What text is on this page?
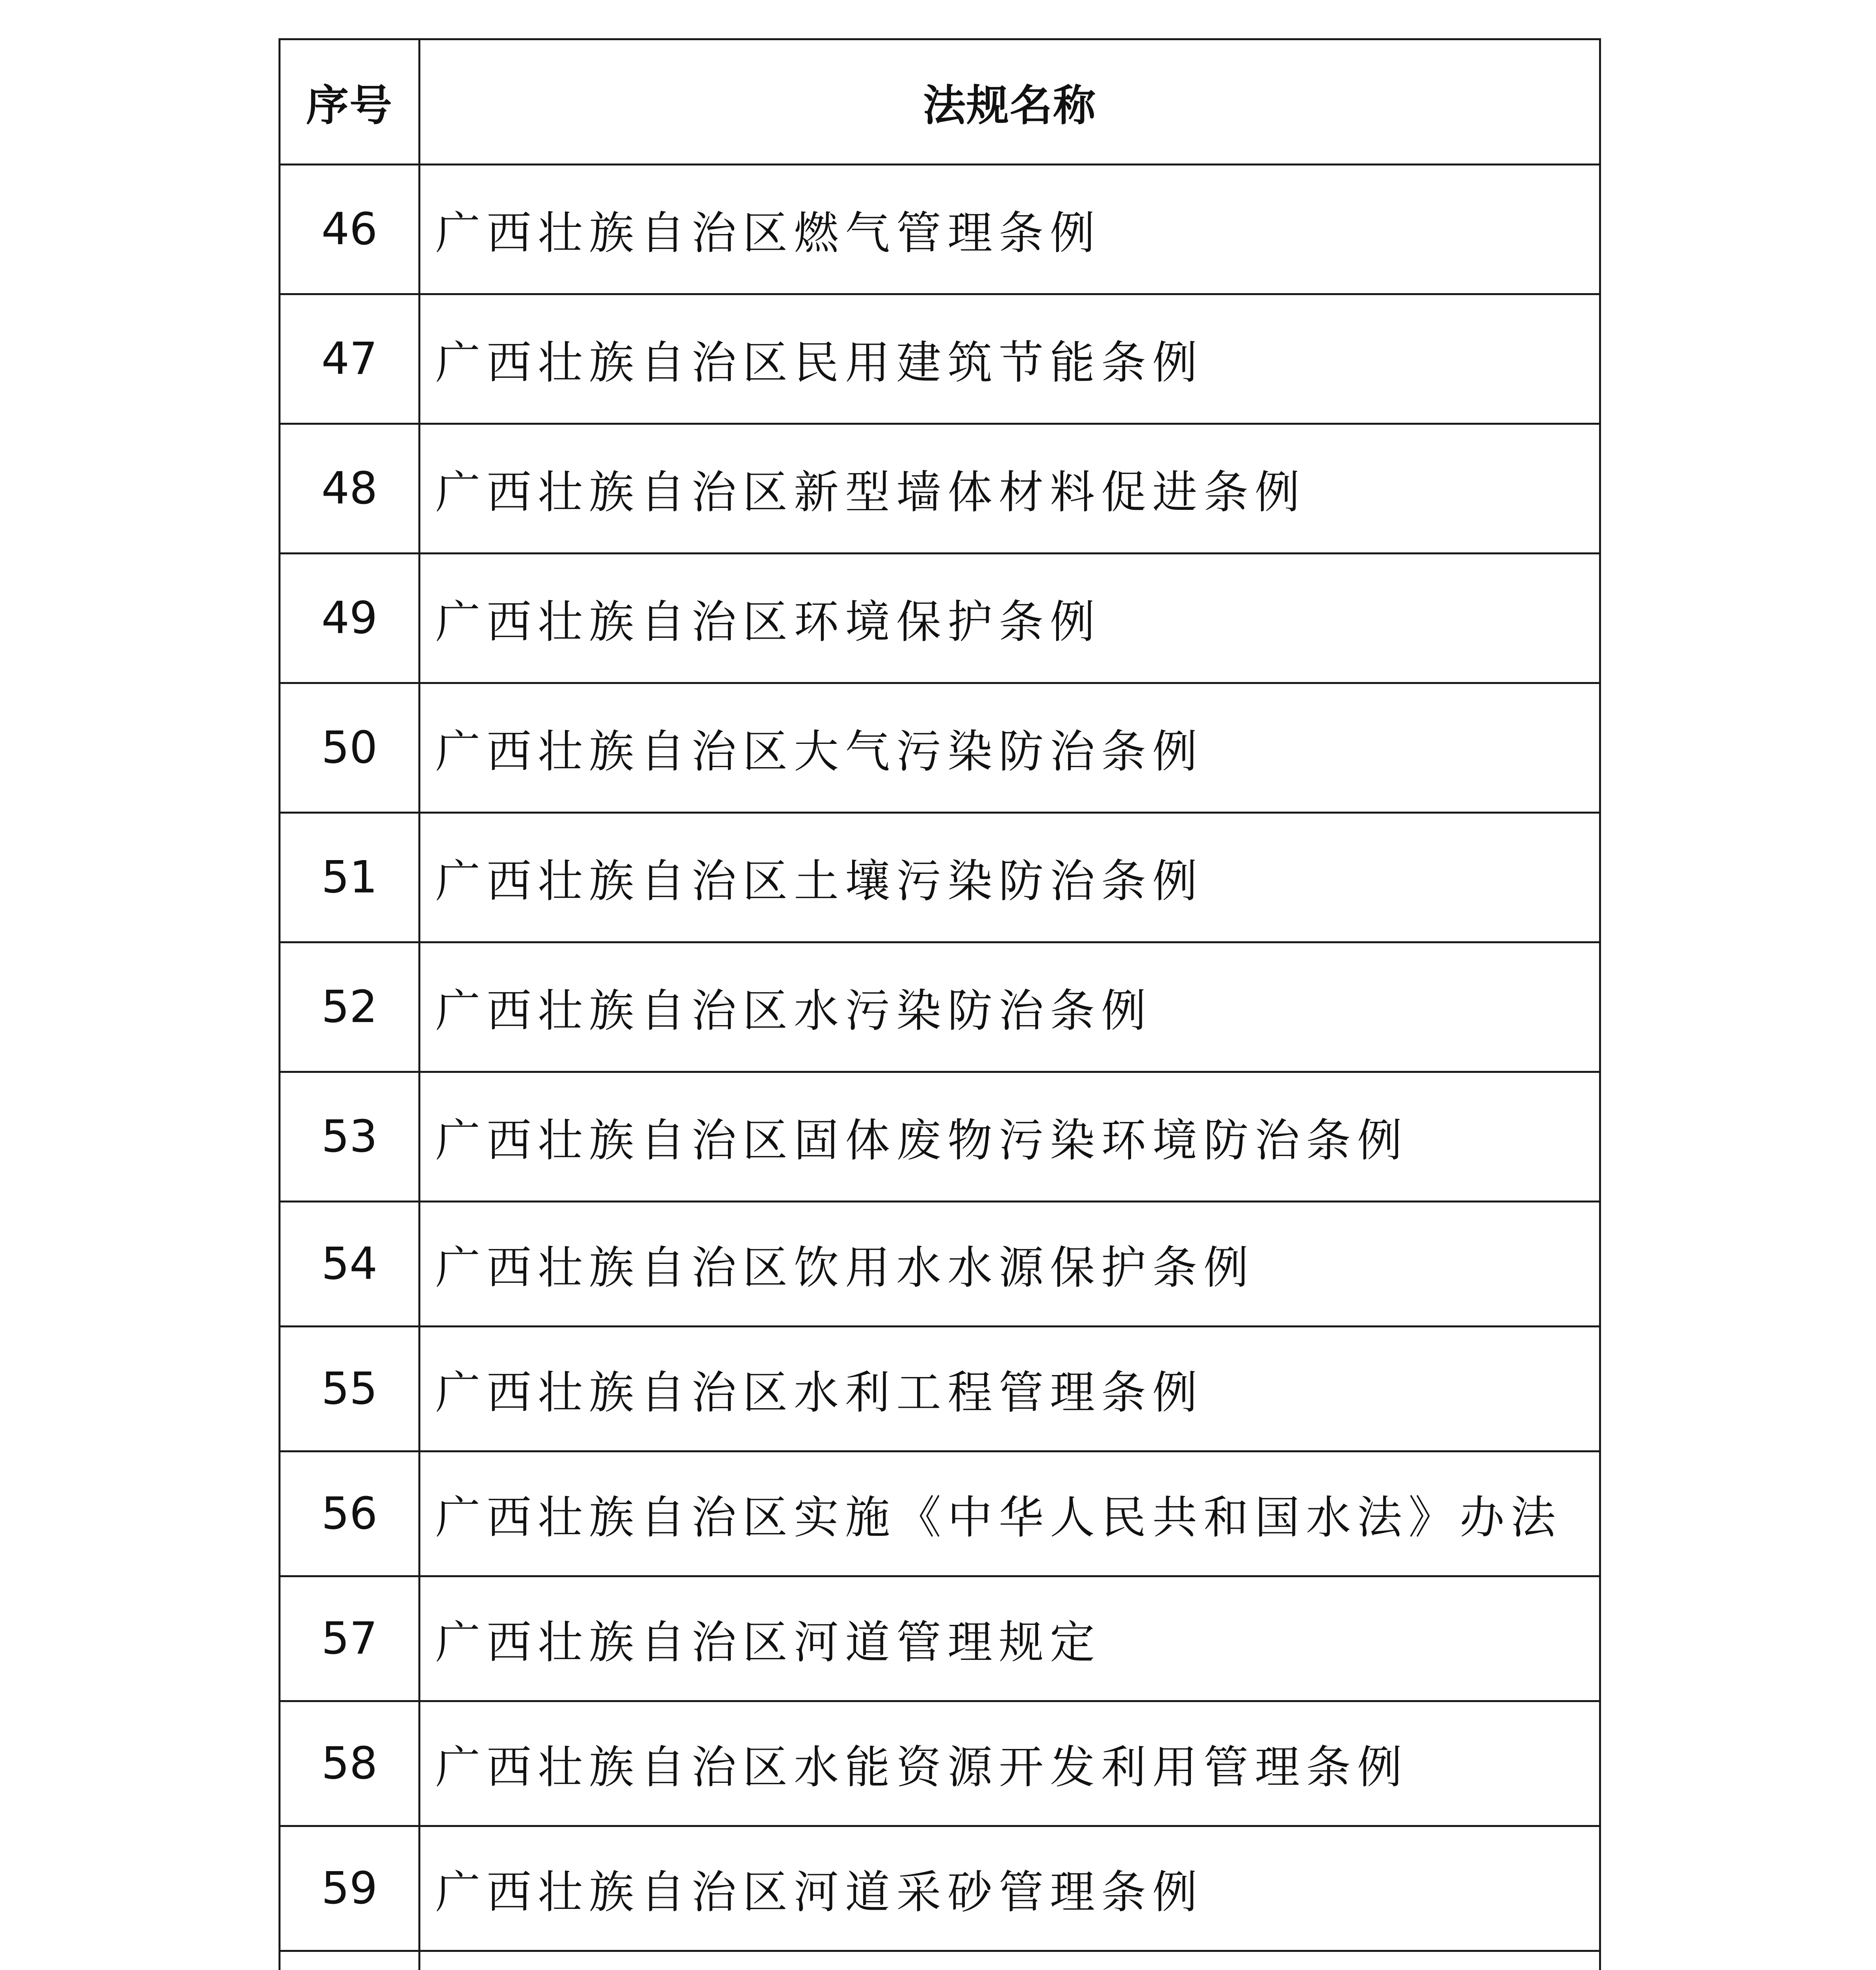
序号	法规名称
46	广西壮族自治区燃气管理条例
47	广西壮族自治区民用建筑节能条例
48	广西壮族自治区新型墙体材料促进条例
49	广西壮族自治区环境保护条例
50	广西壮族自治区大气污染防治条例
51	广西壮族自治区土壤污染防治条例
52	广西壮族自治区水污染防治条例
53	广西壮族自治区固体废物污染环境防治条例
54	广西壮族自治区饮用水水源保护条例
55	广西壮族自治区水利工程管理条例
56	广西壮族自治区实施《中华人民共和国水法》办法
57	广西壮族自治区河道管理规定
58	广西壮族自治区水能资源开发利用管理条例
59	广西壮族自治区河道采砂管理条例
